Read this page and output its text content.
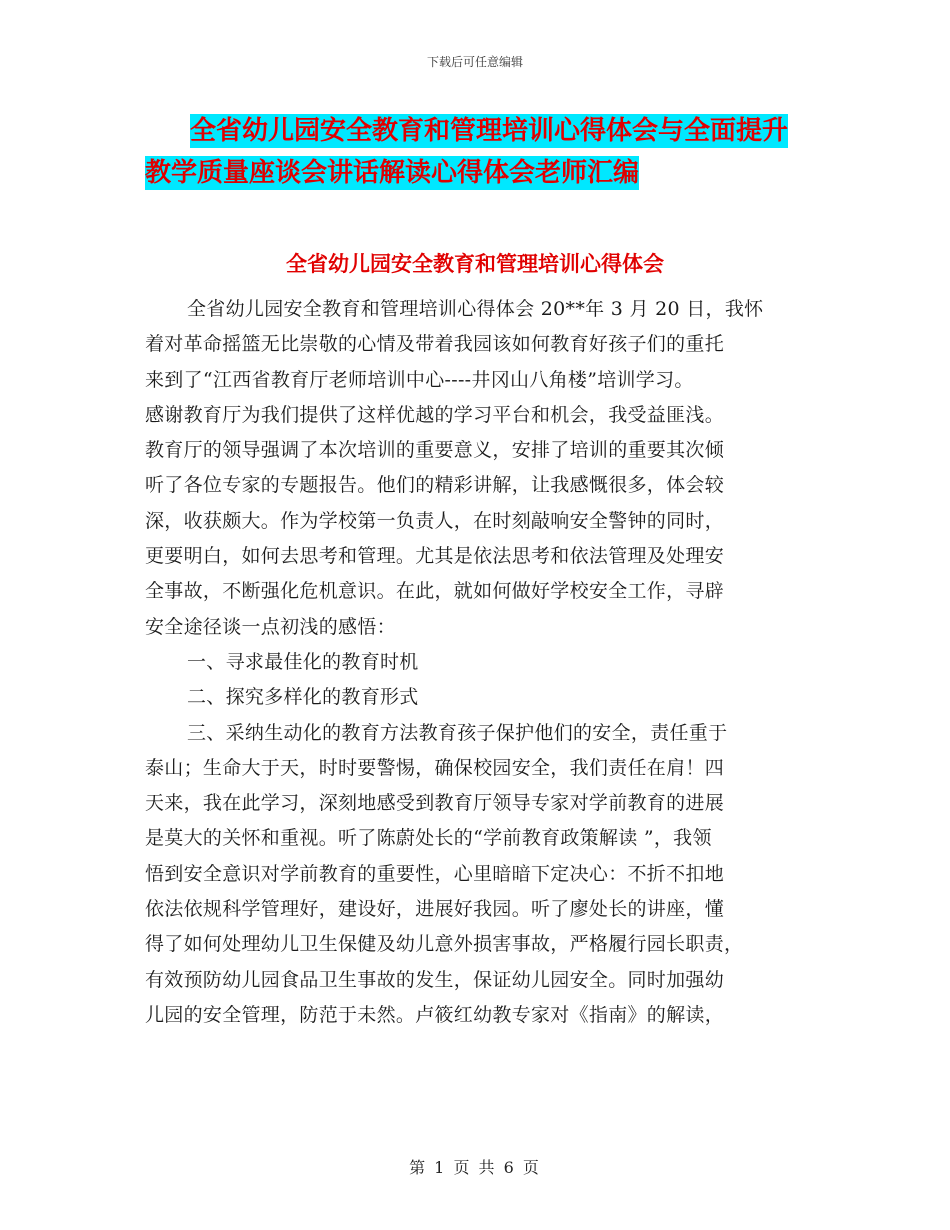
下载后可任意编辑
全省幼儿园安全教育和管理培训心得体会与全面提升
教学质量座谈会讲话解读心得体会老师汇编
全省幼儿园安全教育和管理培训心得体会
全省幼儿园安全教育和管理培训心得体会 20**年 3 月 20 日，我怀
着对革命摇篮无比崇敬的心情及带着我园该如何教育好孩子们的重托
来到了“江西省教育厅老师培训中心----井冈山八角楼”培训学习。
感谢教育厅为我们提供了这样优越的学习平台和机会，我受益匪浅。
教育厅的领导强调了本次培训的重要意义，安排了培训的重要其次倾
听了各位专家的专题报告。他们的精彩讲解，让我感慨很多，体会较
深，收获颇大。作为学校第一负责人，在时刻敲响安全警钟的同时，
更要明白，如何去思考和管理。尤其是依法思考和依法管理及处理安
全事故，不断强化危机意识。在此，就如何做好学校安全工作，寻辟
安全途径谈一点初浅的感悟：
一、寻求最佳化的教育时机
二、探究多样化的教育形式
三、采纳生动化的教育方法教育孩子保护他们的安全，责任重于
泰山；生命大于天，时时要警惕，确保校园安全，我们责任在肩！四
天来，我在此学习，深刻地感受到教育厅领导专家对学前教育的进展
是莫大的关怀和重视。听了陈蔚处长的“学前教育政策解读 ”，我领
悟到安全意识对学前教育的重要性，心里暗暗下定决心：不折不扣地
依法依规科学管理好，建设好，进展好我园。听了廖处长的讲座，懂
得了如何处理幼儿卫生保健及幼儿意外损害事故，严格履行园长职责，
有效预防幼儿园食品卫生事故的发生，保证幼儿园安全。同时加强幼
儿园的安全管理，防范于未然。卢筱红幼教专家对《指南》的解读，
第 1 页 共 6 页
